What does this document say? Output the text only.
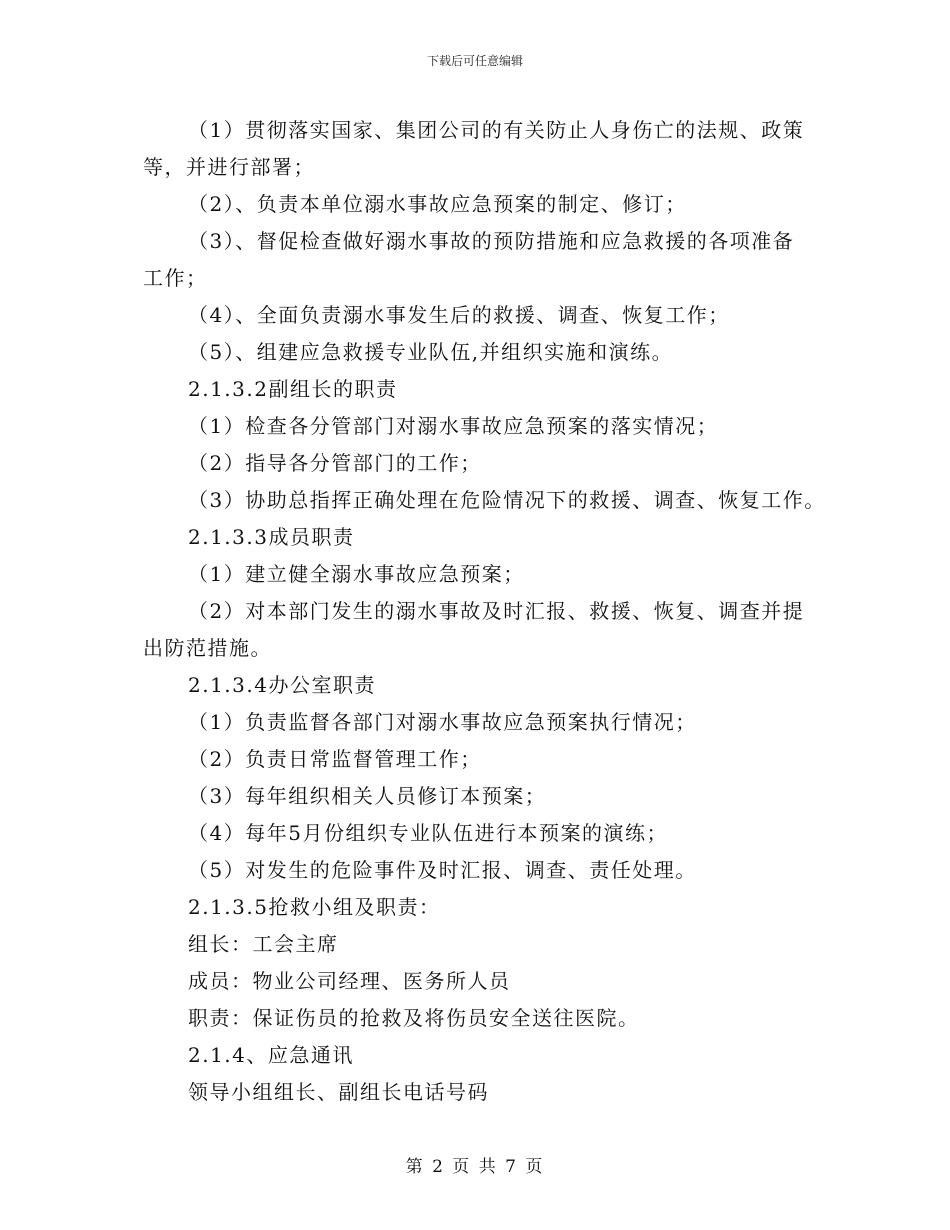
下载后可任意编辑
（1）贯彻落实国家、集团公司的有关防止人身伤亡的法规、政策
等，并进行部署；
（2）、负责本单位溺水事故应急预案的制定、修订；
（3）、督促检查做好溺水事故的预防措施和应急救援的各项准备
工作；
（4）、全面负责溺水事发生后的救援、调查、恢复工作；
（5）、组建应急救援专业队伍,并组织实施和演练。
2.1.3.2副组长的职责
（1）检查各分管部门对溺水事故应急预案的落实情况；
（2）指导各分管部门的工作；
（3）协助总指挥正确处理在危险情况下的救援、调查、恢复工作。
2.1.3.3成员职责
（1）建立健全溺水事故应急预案；
（2）对本部门发生的溺水事故及时汇报、救援、恢复、调查并提
出防范措施。
2.1.3.4办公室职责
（1）负责监督各部门对溺水事故应急预案执行情况；
（2）负责日常监督管理工作；
（3）每年组织相关人员修订本预案；
（4）每年5月份组织专业队伍进行本预案的演练；
（5）对发生的危险事件及时汇报、调查、责任处理。
2.1.3.5抢救小组及职责：
组长：工会主席
成员：物业公司经理、医务所人员
职责：保证伤员的抢救及将伤员安全送往医院。
2.1.4、应急通讯
领导小组组长、副组长电话号码
第 2 页 共 7 页
